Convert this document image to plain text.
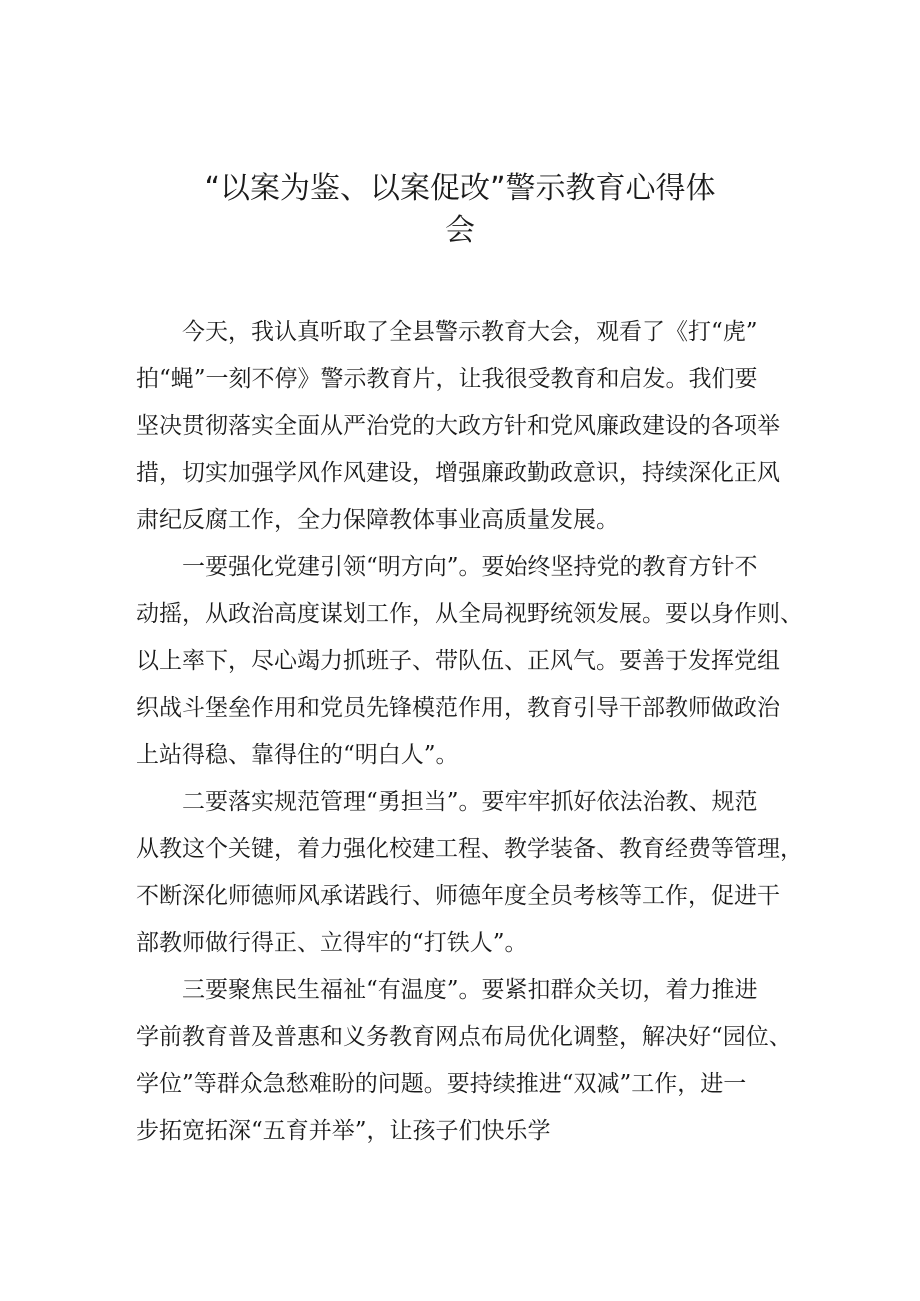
“以案为鉴、以案促改”警示教育心得体
会
今天，我认真听取了全县警示教育大会，观看了《打“虎”
拍“蝇”一刻不停》警示教育片，让我很受教育和启发。我们要
坚决贯彻落实全面从严治党的大政方针和党风廉政建设的各项举
措，切实加强学风作风建设，增强廉政勤政意识，持续深化正风
肃纪反腐工作，全力保障教体事业高质量发展。
一要强化党建引领“明方向”。要始终坚持党的教育方针不
动摇，从政治高度谋划工作，从全局视野统领发展。要以身作则、
以上率下，尽心竭力抓班子、带队伍、正风气。要善于发挥党组
织战斗堡垒作用和党员先锋模范作用，教育引导干部教师做政治
上站得稳、靠得住的“明白人”。
二要落实规范管理“勇担当”。要牢牢抓好依法治教、规范
从教这个关键，着力强化校建工程、教学装备、教育经费等管理，
不断深化师德师风承诺践行、师德年度全员考核等工作，促进干
部教师做行得正、立得牢的“打铁人”。
三要聚焦民生福祉“有温度”。要紧扣群众关切，着力推进
学前教育普及普惠和义务教育网点布局优化调整，解决好“园位、
学位”等群众急愁难盼的问题。要持续推进“双减”工作，进一
步拓宽拓深“五育并举”，让孩子们快乐学
